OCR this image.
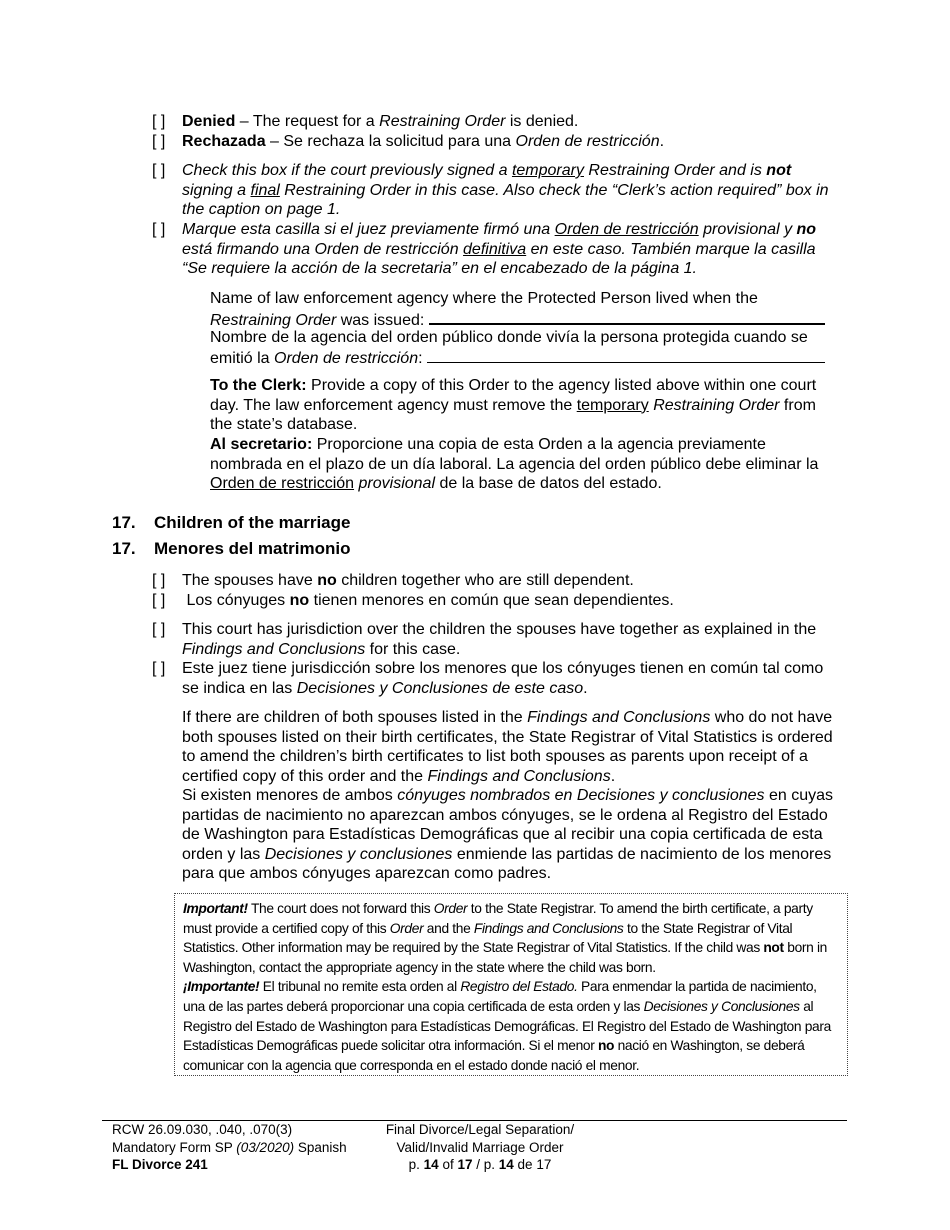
[ ] Denied – The request for a Restraining Order is denied.
[ ] Rechazada – Se rechaza la solicitud para una Orden de restricción.
[ ] Check this box if the court previously signed a temporary Restraining Order and is not signing a final Restraining Order in this case. Also check the “Clerk’s action required” box in the caption on page 1.
[ ] Marque esta casilla si el juez previamente firmó una Orden de restricción provisional y no está firmando una Orden de restricción definitiva en este caso. También marque la casilla “Se requiere la acción de la secretaria” en el encabezado de la página 1.
Name of law enforcement agency where the Protected Person lived when the Restraining Order was issued:
Nombre de la agencia del orden público donde vivía la persona protegida cuando se emitió la Orden de restricción:
To the Clerk: Provide a copy of this Order to the agency listed above within one court day. The law enforcement agency must remove the temporary Restraining Order from the state’s database.
Al secretario: Proporcione una copia de esta Orden a la agencia previamente nombrada en el plazo de un día laboral. La agencia del orden público debe eliminar la Orden de restricción provisional de la base de datos del estado.
17. Children of the marriage
17. Menores del matrimonio
[ ] The spouses have no children together who are still dependent.
[ ] Los cónyuges no tienen menores en común que sean dependientes.
[ ] This court has jurisdiction over the children the spouses have together as explained in the Findings and Conclusions for this case.
[ ] Este juez tiene jurisdicción sobre los menores que los cónyuges tienen en común tal como se indica en las Decisiones y Conclusiones de este caso.
If there are children of both spouses listed in the Findings and Conclusions who do not have both spouses listed on their birth certificates, the State Registrar of Vital Statistics is ordered to amend the children’s birth certificates to list both spouses as parents upon receipt of a certified copy of this order and the Findings and Conclusions.
Si existen menores de ambos cónyuges nombrados en Decisiones y conclusiones en cuyas partidas de nacimiento no aparezcan ambos cónyuges, se le ordena al Registro del Estado de Washington para Estadísticas Demográficas que al recibir una copia certificada de esta orden y las Decisiones y conclusiones enmiende las partidas de nacimiento de los menores para que ambos cónyuges aparezcan como padres.
Important! The court does not forward this Order to the State Registrar. To amend the birth certificate, a party must provide a certified copy of this Order and the Findings and Conclusions to the State Registrar of Vital Statistics. Other information may be required by the State Registrar of Vital Statistics. If the child was not born in Washington, contact the appropriate agency in the state where the child was born.
¡Importante! El tribunal no remite esta orden al Registro del Estado. Para enmendar la partida de nacimiento, una de las partes deberá proporcionar una copia certificada de esta orden y las Decisiones y Conclusiones al Registro del Estado de Washington para Estadísticas Demográficas. El Registro del Estado de Washington para Estadísticas Demográficas puede solicitar otra información. Si el menor no nació en Washington, se deberá comunicar con la agencia que corresponda en el estado donde nació el menor.
RCW 26.09.030, .040, .070(3)
Mandatory Form SP (03/2020) Spanish
FL Divorce 241
Final Divorce/Legal Separation/
Valid/Invalid Marriage Order
p. 14 of 17 / p. 14 de 17
